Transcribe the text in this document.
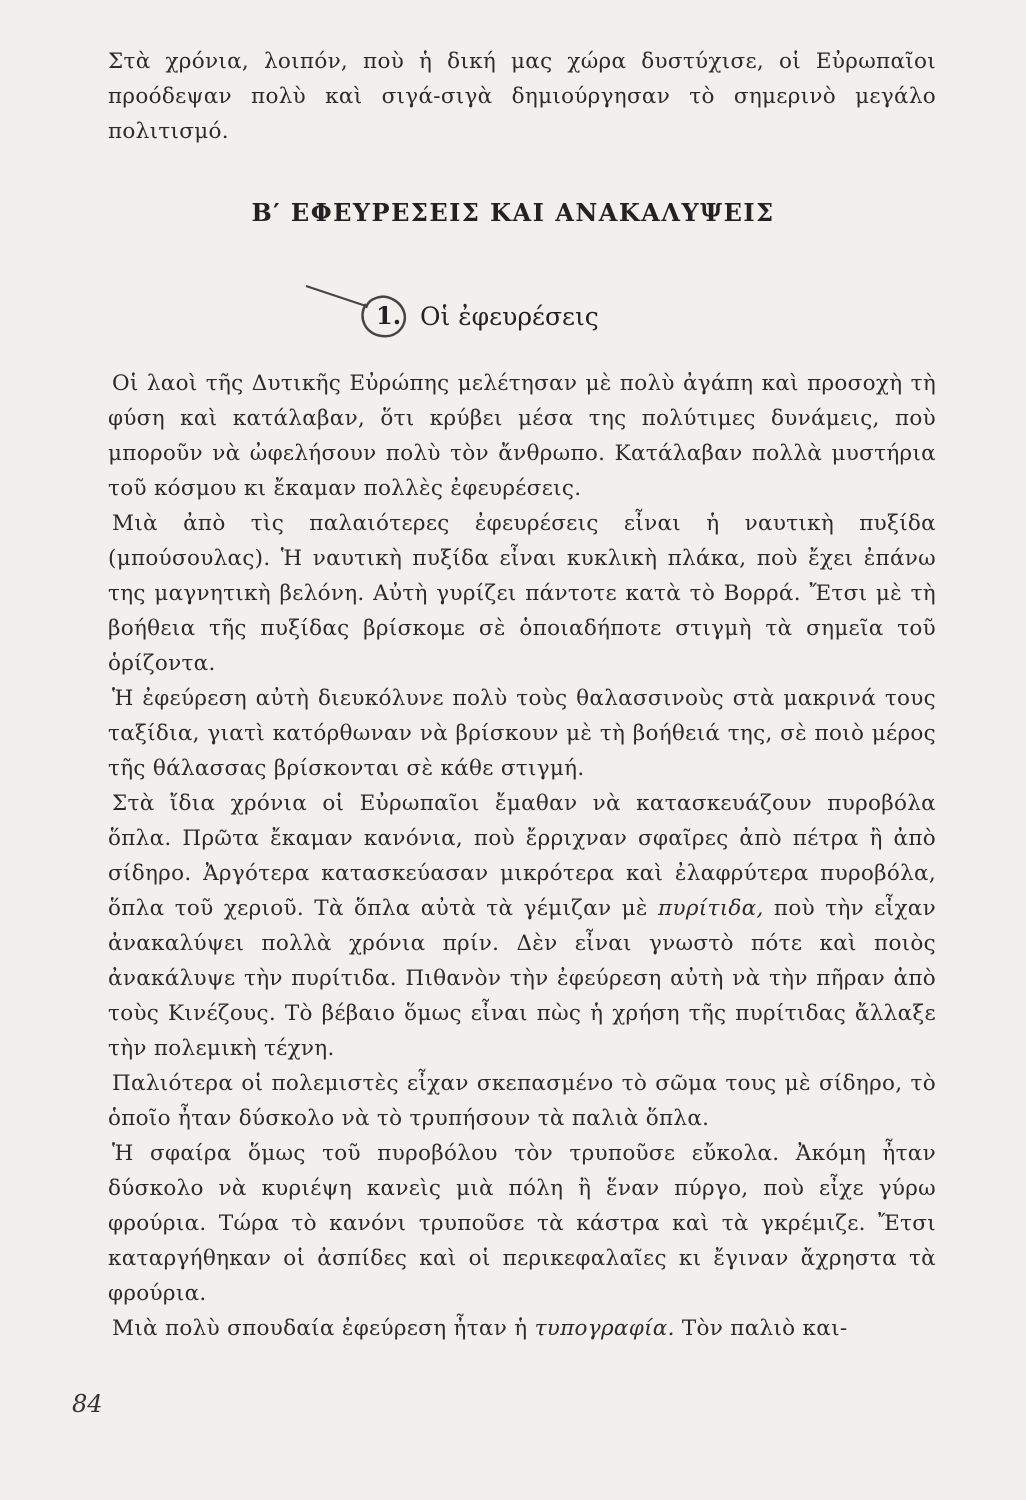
Στὰ χρόνια, λοιπόν, ποὺ ἡ δική μας χώρα δυστύχισε, οἱ Εὐρωπαῖοι προόδεψαν πολὺ καὶ σιγά-σιγὰ δημιούργησαν τὸ σημερινὸ μεγάλο πολιτισμό.

Β′ ΕΦΕΥΡΕΣΕΙΣ ΚΑΙ ΑΝΑΚΑΛΥΨΕΙΣ
1. Οἱ ἐφευρέσεις

Οἱ λαοὶ τῆς Δυτικῆς Εὐρώπης μελέτησαν μὲ πολὺ ἀγάπη καὶ προσοχὴ τὴ φύση καὶ κατάλαβαν, ὅτι κρύβει μέσα της πολύτιμες δυνάμεις, ποὺ μποροῦν νὰ ὠφελήσουν πολὺ τὸν ἄνθρωπο. Κατάλαβαν πολλὰ μυστήρια τοῦ κόσμου κι ἔκαμαν πολλὲς ἐφευρέσεις.

Μιὰ ἀπὸ τὶς παλαιότερες ἐφευρέσεις εἶναι ἡ ναυτικὴ πυξίδα (μπούσουλας). Ἡ ναυτικὴ πυξίδα εἶναι κυκλικὴ πλάκα, ποὺ ἔχει ἐπάνω της μαγνητικὴ βελόνη. Αὐτὴ γυρίζει πάντοτε κατὰ τὸ Βορρά. Ἔτσι μὲ τὴ βοήθεια τῆς πυξίδας βρίσκομε σὲ ὁποιαδήποτε στιγμὴ τὰ σημεῖα τοῦ ὁρίζοντα.

Ἡ ἐφεύρεση αὐτὴ διευκόλυνε πολὺ τοὺς θαλασσινοὺς στὰ μακρινά τους ταξίδια, γιατὶ κατόρθωναν νὰ βρίσκουν μὲ τὴ βοήθειά της, σὲ ποιὸ μέρος τῆς θάλασσας βρίσκονται σὲ κάθε στιγμή.

Στὰ ἴδια χρόνια οἱ Εὐρωπαῖοι ἔμαθαν νὰ κατασκευάζουν πυροβόλα ὅπλα. Πρῶτα ἔκαμαν κανόνια, ποὺ ἔρριχναν σφαῖρες ἀπὸ πέτρα ἢ ἀπὸ σίδηρο. Ἀργότερα κατασκεύασαν μικρότερα καὶ ἐλαφρύτερα πυροβόλα, ὅπλα τοῦ χεριοῦ. Τὰ ὅπλα αὐτὰ τὰ γέμιζαν μὲ πυρίτιδα, ποὺ τὴν εἶχαν ἀνακαλύψει πολλὰ χρόνια πρίν. Δὲν εἶναι γνωστὸ πότε καὶ ποιὸς ἀνακάλυψε τὴν πυρίτιδα. Πιθανὸν τὴν ἐφεύρεση αὐτὴ νὰ τὴν πῆραν ἀπὸ τοὺς Κινέζους. Τὸ βέβαιο ὅμως εἶναι πὼς ἡ χρήση τῆς πυρίτιδας ἄλλαξε τὴν πολεμικὴ τέχνη.

Παλιότερα οἱ πολεμιστὲς εἶχαν σκεπασμένο τὸ σῶμα τους μὲ σίδηρο, τὸ ὁποῖο ἦταν δύσκολο νὰ τὸ τρυπήσουν τὰ παλιὰ ὅπλα.

Ἡ σφαίρα ὅμως τοῦ πυροβόλου τὸν τρυποῦσε εὔκολα. Ἀκόμη ἦταν δύσκολο νὰ κυριέψη κανεὶς μιὰ πόλη ἢ ἕναν πύργο, ποὺ εἶχε γύρω φρούρια. Τώρα τὸ κανόνι τρυποῦσε τὰ κάστρα καὶ τὰ γκρέμιζε. Ἔτσι καταργήθηκαν οἱ ἀσπίδες καὶ οἱ περικεφαλαῖες κι ἔγιναν ἄχρηστα τὰ φρούρια.

Μιὰ πολὺ σπουδαία ἐφεύρεση ἦταν ἡ τυπογραφία. Τὸν παλιὸ και-

84
